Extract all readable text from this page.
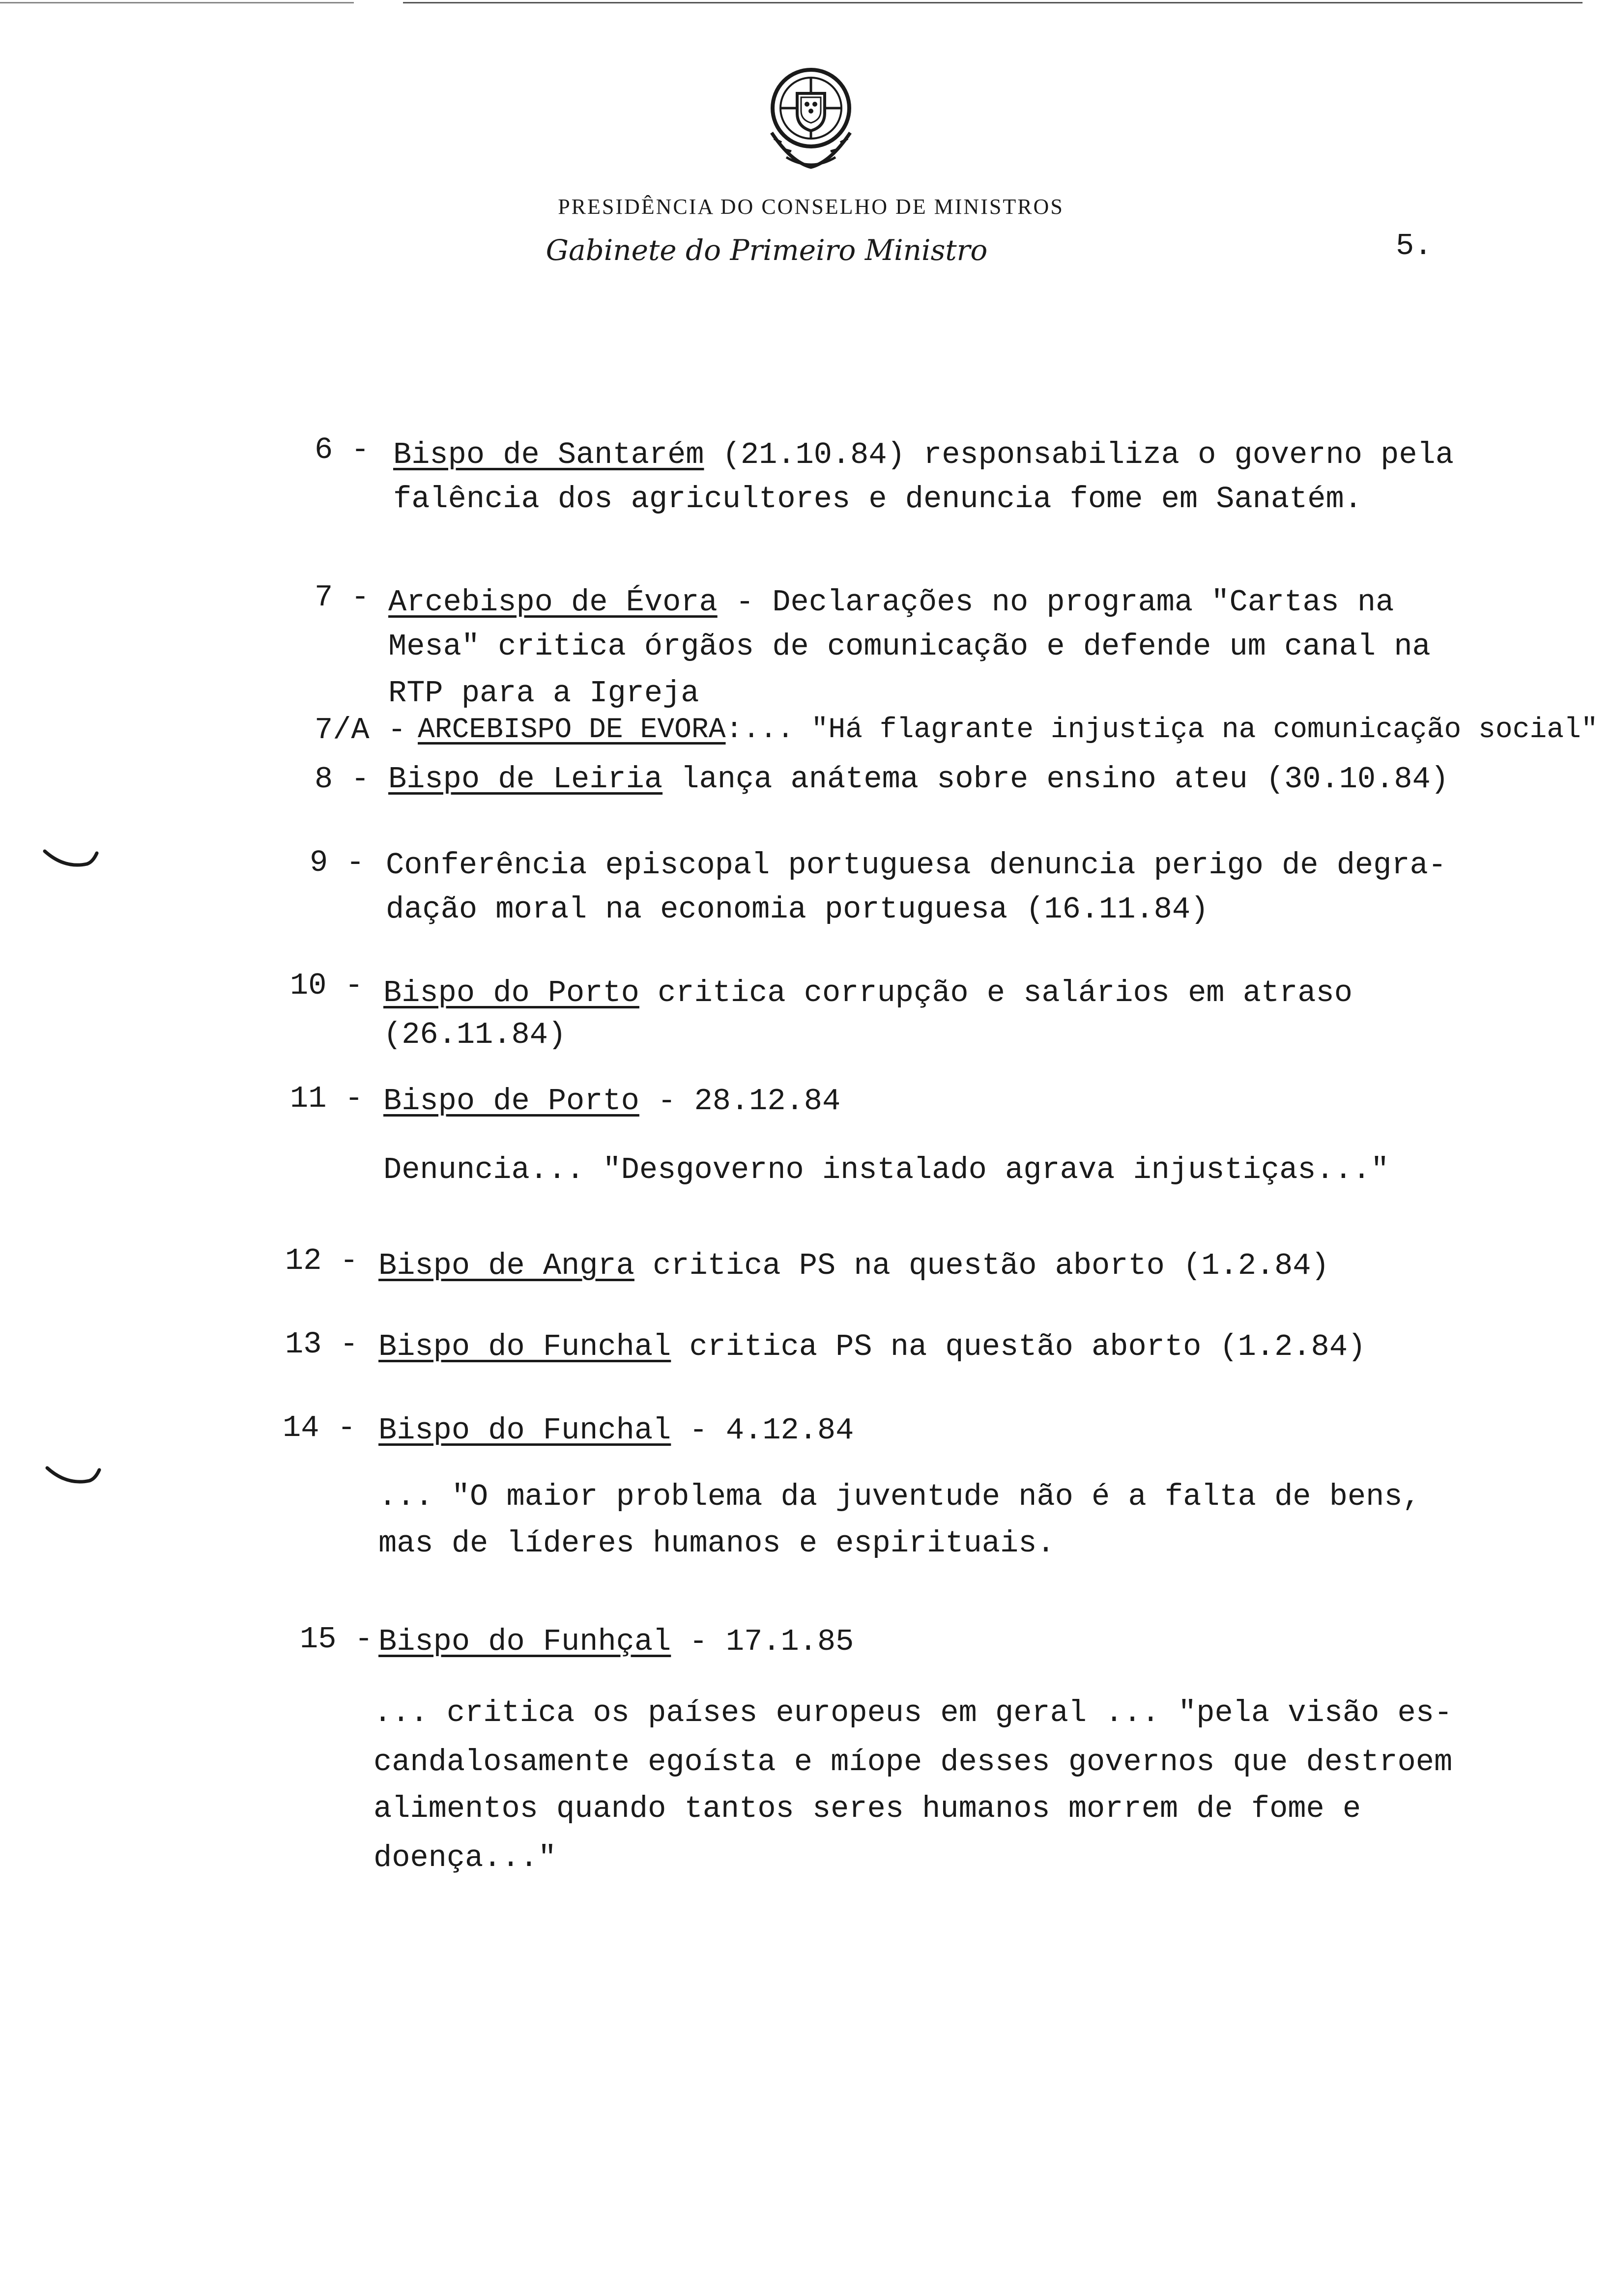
PRESIDÊNCIA DO CONSELHO DE MINISTROS
Gabinete do Primeiro Ministro	5.
6 - Bispo de Santarém (21.10.84) responsabiliza o governo pela
falência dos agricultores e denuncia fome em Sanatém.
7 - Arcebispo de Évora - Declarações no programa "Cartas na
Mesa" critica órgãos de comunicação e defende um canal na
RTP para a Igreja
7/A - ARCEBISPO DE EVORA:... "Há flagrante injustiça na comunicação social"
8 - Bispo de Leiria lança anátema sobre ensino ateu (30.10.84)
9 - Conferência episcopal portuguesa denuncia perigo de degra-
dação moral na economia portuguesa (16.11.84)
10 - Bispo do Porto critica corrupção e salários em atraso
(26.11.84)
11 - Bispo de Porto - 28.12.84
Denuncia... "Desgoverno instalado agrava injustiças..."
12 - Bispo de Angra critica PS na questão aborto (1.2.84)
13 - Bispo do Funchal critica PS na questão aborto (1.2.84)
14 - Bispo do Funchal - 4.12.84
... "O maior problema da juventude não é a falta de bens,
mas de líderes humanos e espirituais.
15 - Bispo do Funhçal - 17.1.85
... critica os países europeus em geral ... "pela visão es-
candalosamente egoísta e míope desses governos que destroem
alimentos quando tantos seres humanos morrem de fome e
doença..."
